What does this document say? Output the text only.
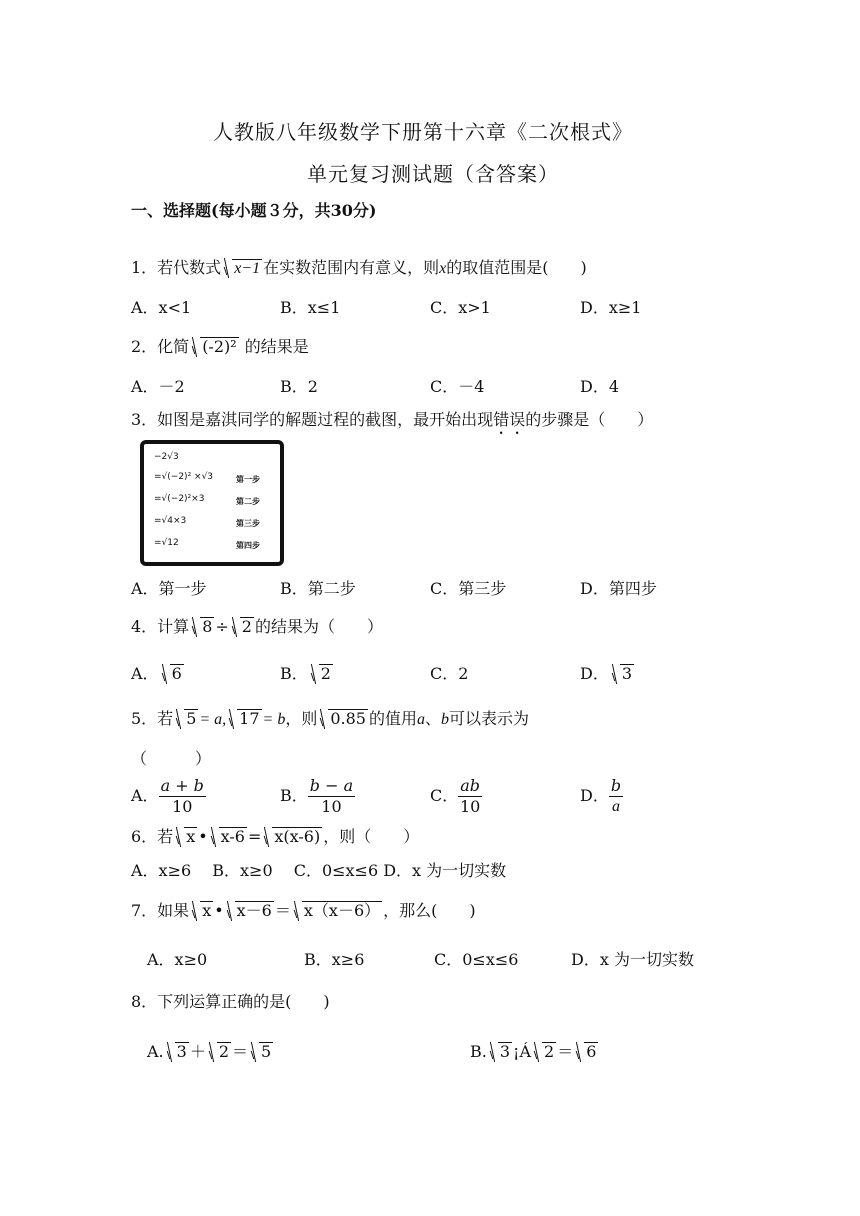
人教版八年级数学下册第十六章《二次根式》
单元复习测试题（含答案）
一、选择题(每小题３分，共30分)
1．若代数式 x−1 在实数范围内有意义，则x的取值范围是(　　)
A．x<1	B．x≤1	C．x>1	D．x≥1
2．化简 (-2)² 的结果是
A．－2	B．2	C．－4	D．4
3．如图是嘉淇同学的解题过程的截图，最开始出现错误的步骤是（　　）
−2√3
=√(−2)² ×√3
=√(−2)²×3
=√4×3
=√12
第一步
第二步
第三步
第四步
A．第一步	B．第二步	C．第三步	D．第四步
4．计算 8 ÷ 2 的结果为（　　）
A． 6	B． 2	C．2	D． 3
5．若 5 = a, 17 = b，则 0.85 的值用a、b可以表示为
（　　　）
A． $\frac{a + b}{10}$	B． $\frac{b - a}{10}$	C． $\frac{ab}{10}$	D． $\frac{b}{a}$
6．若 x • x-6 = x(x-6) ，则（　　）
A．x≥6　 B．x≥0　 C．0≤x≤6 D．x 为一切实数
7．如果 x • x－6 ＝ x（x－6） ，那么(　　)
A．x≥0	B．x≥6	C．0≤x≤6	D．x 为一切实数
8．下列运算正确的是(　　)
A. 3 ＋ 2 ＝ 5	B. 3 ¡Á 2 ＝ 6
